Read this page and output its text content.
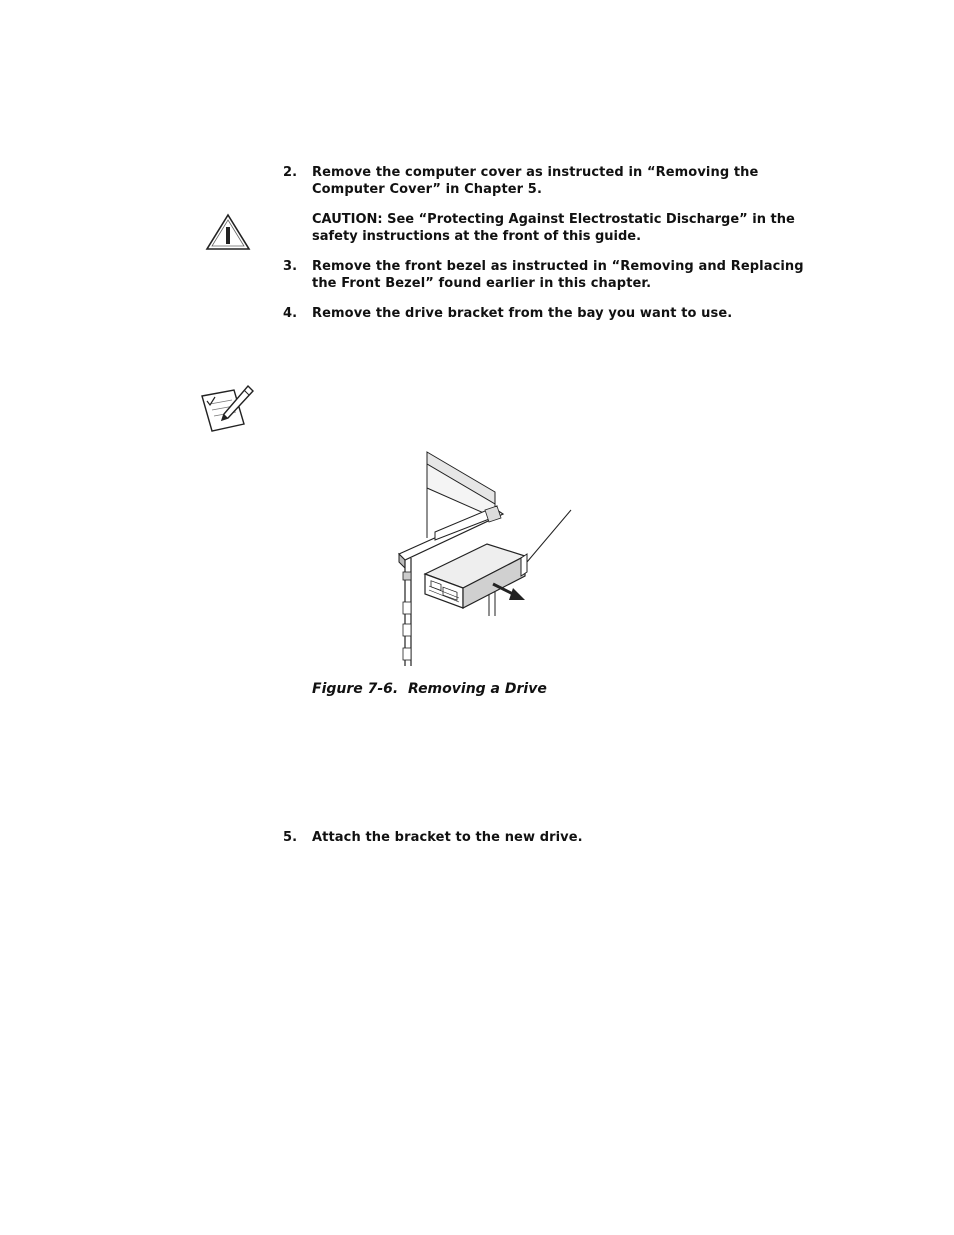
2. Remove the computer cover as instructed in “Removing the Computer Cover” in Chapter 5.
CAUTION: See “Protecting Against Electrostatic Discharge” in the safety instructions at the front of this guide.
3. Remove the front bezel as instructed in “Removing and Replacing the Front Bezel” found earlier in this chapter.
4. Remove the drive bracket from the bay you want to use.
Figure 7-6.  Removing a Drive
5. Attach the bracket to the new drive.
